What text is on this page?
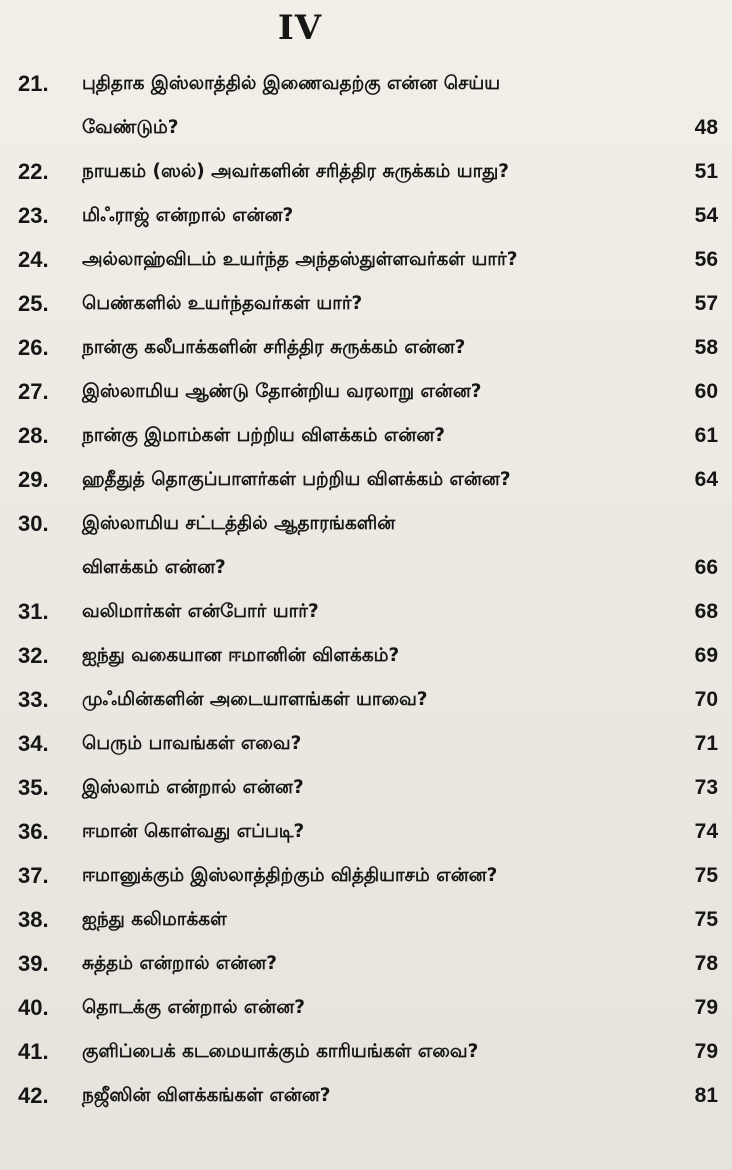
IV
21.	புதிதாக இஸ்லாத்தில் இணைவதற்கு என்ன செய்ய
வேண்டும்?	48
22.	நாயகம் (ஸல்) அவர்களின் சரித்திர சுருக்கம் யாது?	51
23.	மிஃராஜ் என்றால் என்ன?	54
24.	அல்லாஹ்விடம் உயர்ந்த அந்தஸ்துள்ளவர்கள் யார்?	56
25.	பெண்களில் உயர்ந்தவர்கள் யார்?	57
26.	நான்கு கலீபாக்களின் சரித்திர சுருக்கம் என்ன?	58
27.	இஸ்லாமிய ஆண்டு தோன்றிய வரலாறு என்ன?	60
28.	நான்கு இமாம்கள் பற்றிய விளக்கம் என்ன?	61
29.	ஹதீதுத் தொகுப்பாளர்கள் பற்றிய விளக்கம் என்ன?	64
30.	இஸ்லாமிய சட்டத்தில் ஆதாரங்களின்
விளக்கம் என்ன?	66
31.	வலிமார்கள் என்போர் யார்?	68
32.	ஐந்து வகையான ஈமானின் விளக்கம்?	69
33.	முஃமின்களின் அடையாளங்கள் யாவை?	70
34.	பெரும் பாவங்கள் எவை?	71
35.	இஸ்லாம் என்றால் என்ன?	73
36.	ஈமான் கொள்வது எப்படி?	74
37.	ஈமானுக்கும் இஸ்லாத்திற்கும் வித்தியாசம் என்ன?	75
38.	ஐந்து கலிமாக்கள்	75
39.	சுத்தம் என்றால் என்ன?	78
40.	தொடக்கு என்றால் என்ன?	79
41.	குளிப்பைக் கடமையாக்கும் காரியங்கள் எவை?	79
42.	நஜீஸின் விளக்கங்கள் என்ன?	81
